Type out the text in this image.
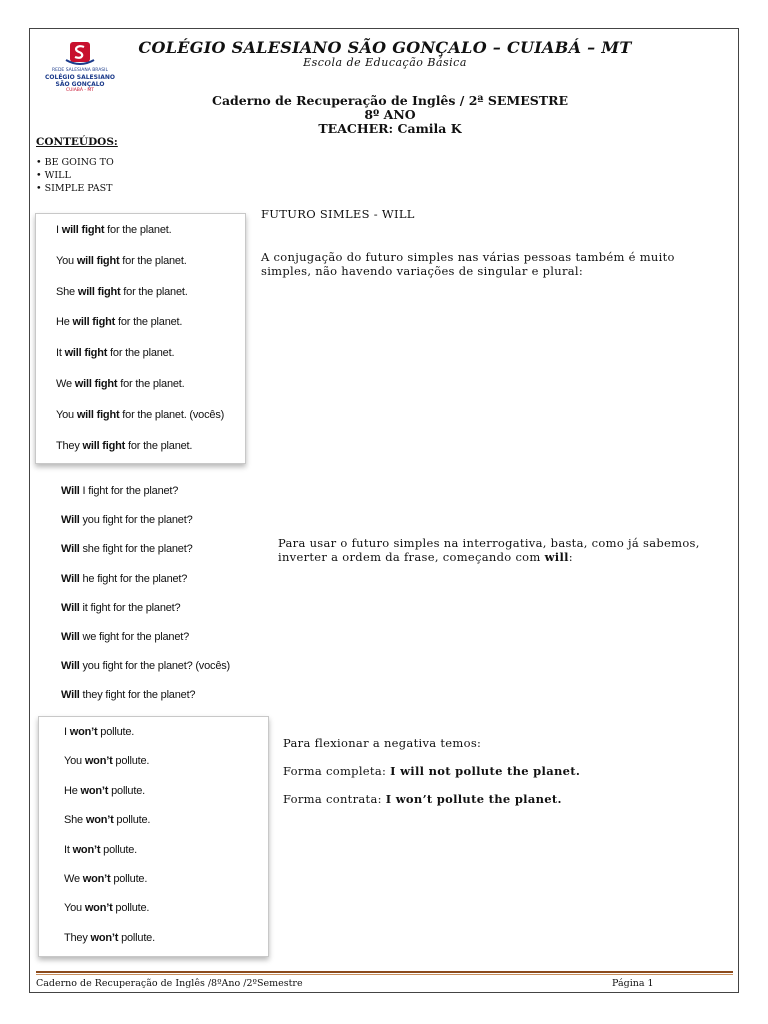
REDE SALESIANA BRASIL
COLÉGIO SALESIANO
SÃO GONÇALO
CUIABÁ - MT
COLÉGIO SALESIANO SÃO GONÇALO – CUIABÁ – MT
Escola de Educação Básica
Caderno de Recuperação de Inglês / 2ª SEMESTRE
8º ANO
TEACHER: Camila K
CONTEÚDOS:
• BE GOING TO
• WILL
• SIMPLE PAST
FUTURO SIMLES - WILL
A conjugação do futuro simples nas várias pessoas também é muito simples, não havendo variações de singular e plural:
I will fight for the planet.
You will fight for the planet.
She will fight for the planet.
He will fight for the planet.
It will fight for the planet.
We will fight for the planet.
You will fight for the planet. (vocês)
They will fight for the planet.
Will I fight for the planet?
Will you fight for the planet?
Will she fight for the planet?
Will he fight for the planet?
Will it fight for the planet?
Will we fight for the planet?
Will you fight for the planet? (vocês)
Will they fight for the planet?
Para usar o futuro simples na interrogativa, basta, como já sabemos, inverter a ordem da frase, começando com will:
I won’t pollute.
You won’t pollute.
He won’t pollute.
She won’t pollute.
It won’t pollute.
We won’t pollute.
You won’t pollute.
They won’t pollute.
Para flexionar a negativa temos:
Forma completa: I will not pollute the planet.
Forma contrata: I won’t pollute the planet.
Caderno de Recuperação de Inglês /8ºAno /2ºSemestre	Página 1
